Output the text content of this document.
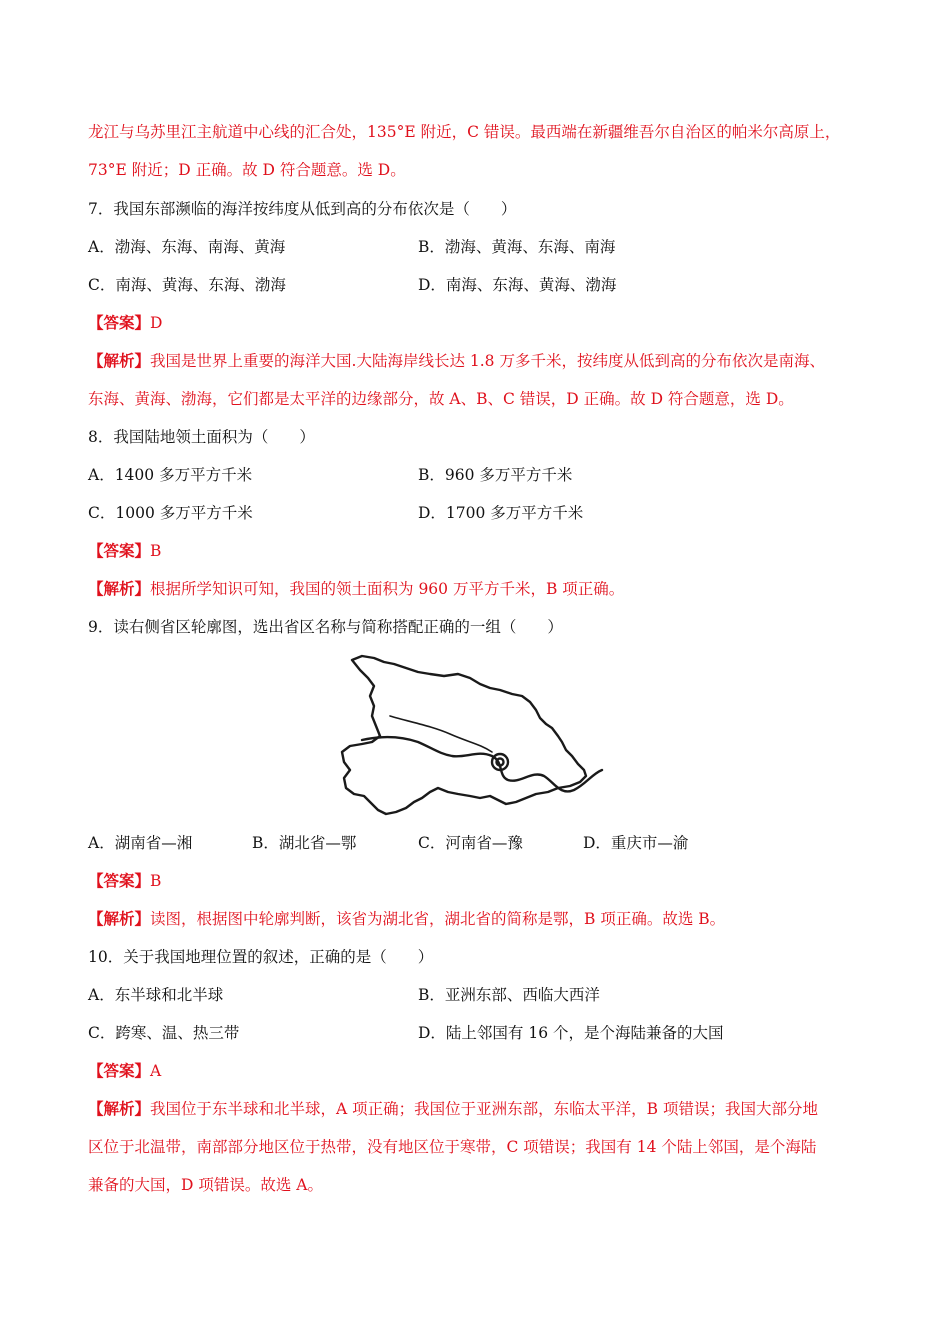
龙江与乌苏里江主航道中心线的汇合处，135°E 附近，C 错误。最西端在新疆维吾尔自治区的帕米尔高原上，
73°E 附近；D 正确。故 D 符合题意。选 D。
7．我国东部濒临的海洋按纬度从低到高的分布依次是（　　）
A．渤海、东海、南海、黄海	B．渤海、黄海、东海、南海
C．南海、黄海、东海、渤海	D．南海、东海、黄海、渤海
【答案】D
【解析】我国是世界上重要的海洋大国.大陆海岸线长达 1.8 万多千米，按纬度从低到高的分布依次是南海、
东海、黄海、渤海，它们都是太平洋的边缘部分，故 A、B、C 错误，D 正确。故 D 符合题意，选 D。
8．我国陆地领土面积为（　　）
A．1400 多万平方千米	B．960 多万平方千米
C．1000 多万平方千米	D．1700 多万平方千米
【答案】B
【解析】根据所学知识可知，我国的领土面积为 960 万平方千米，B 项正确。
9．读右侧省区轮廓图，选出省区名称与简称搭配正确的一组（　　）
A．湖南省—湘	B．湖北省—鄂	C．河南省—豫	D．重庆市—渝
【答案】B
【解析】读图，根据图中轮廓判断，该省为湖北省，湖北省的简称是鄂，B 项正确。故选 B。
10．关于我国地理位置的叙述，正确的是（　　）
A．东半球和北半球	B．亚洲东部、西临大西洋
C．跨寒、温、热三带	D．陆上邻国有 16 个，是个海陆兼备的大国
【答案】A
【解析】我国位于东半球和北半球，A 项正确；我国位于亚洲东部，东临太平洋，B 项错误；我国大部分地
区位于北温带，南部部分地区位于热带，没有地区位于寒带，C 项错误；我国有 14 个陆上邻国，是个海陆
兼备的大国，D 项错误。故选 A。
